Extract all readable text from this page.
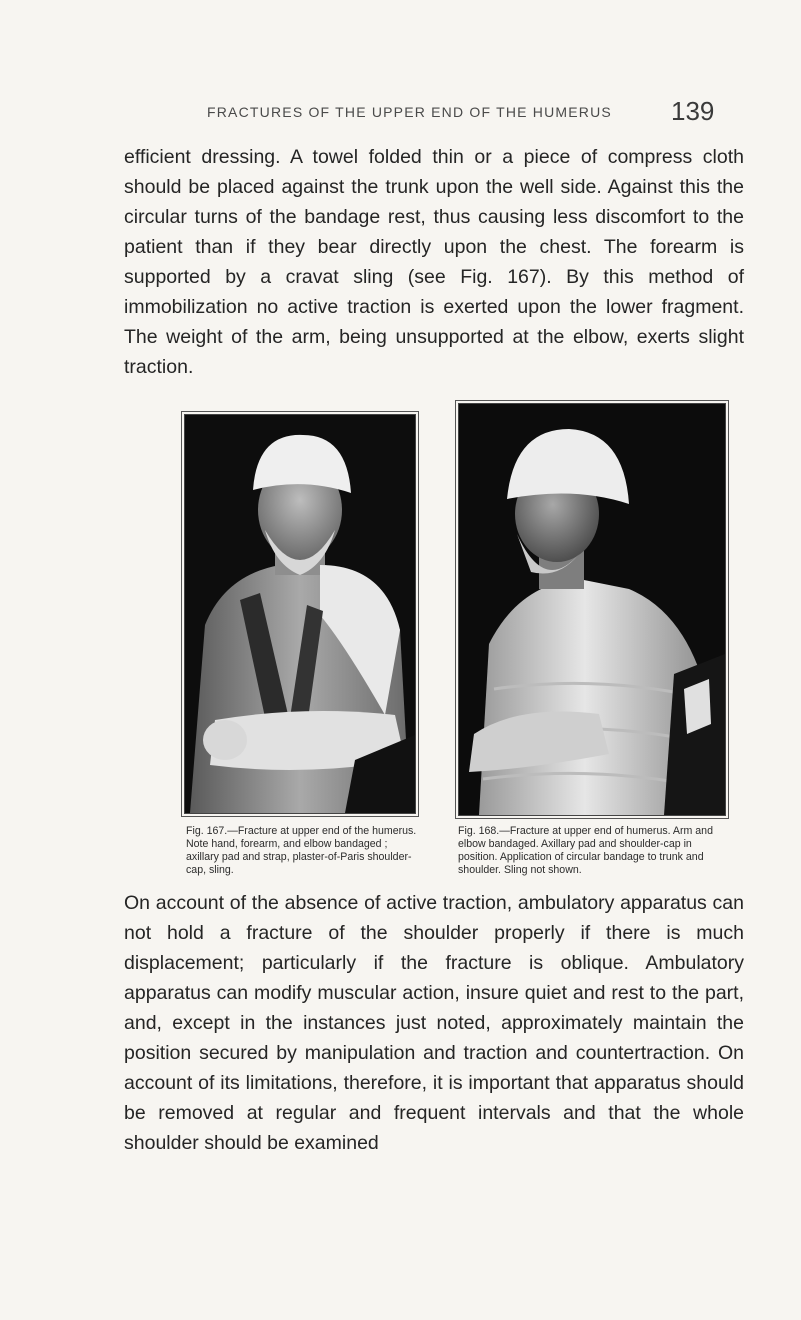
FRACTURES OF THE UPPER END OF THE HUMERUS 139

efficient dressing. A towel folded thin or a piece of compress cloth should be placed against the trunk upon the well side. Against this the circular turns of the bandage rest, thus causing less discomfort to the patient than if they bear directly upon the chest. The forearm is supported by a cravat sling (see Fig. 167). By this method of immobilization no active traction is exerted upon the lower fragment. The weight of the arm, being unsupported at the elbow, exerts slight traction.

Fig. 167.—Fracture at upper end of the humerus. Note hand, forearm, and elbow bandaged ; axillary pad and strap, plaster-of-Paris shoulder-cap, sling.

Fig. 168.—Fracture at upper end of humerus. Arm and elbow bandaged. Axillary pad and shoulder-cap in position. Application of circular bandage to trunk and shoulder. Sling not shown.

On account of the absence of active traction, ambulatory apparatus can not hold a fracture of the shoulder properly if there is much displacement; particularly if the fracture is oblique. Ambulatory apparatus can modify muscular action, insure quiet and rest to the part, and, except in the instances just noted, approximately maintain the position secured by manipulation and traction and countertraction. On account of its limitations, therefore, it is important that apparatus should be removed at regular and frequent intervals and that the whole shoulder should be examined
